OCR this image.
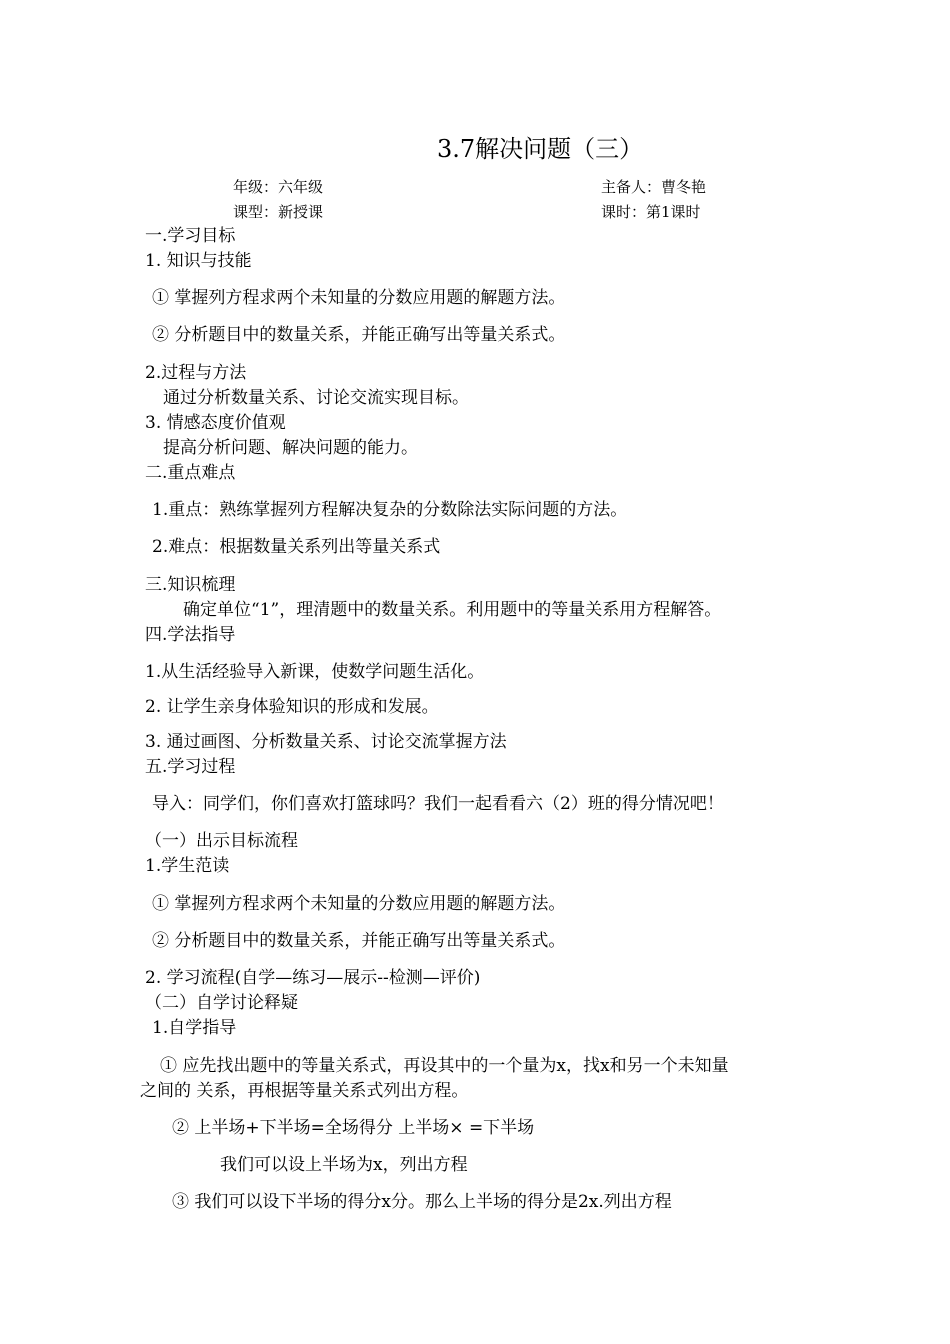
3.7解决问题（三）
年级：六年级	主备人：曹冬艳
课型：新授课	课时：第1课时
一.学习目标
1. 知识与技能
① 掌握列方程求两个未知量的分数应用题的解题方法。
② 分析题目中的数量关系，并能正确写出等量关系式。
2.过程与方法
通过分析数量关系、讨论交流实现目标。
3. 情感态度价值观
提高分析问题、解决问题的能力。
二.重点难点
1.重点：熟练掌握列方程解决复杂的分数除法实际问题的方法。
2.难点：根据数量关系列出等量关系式
三.知识梳理
确定单位“1”，理清题中的数量关系。利用题中的等量关系用方程解答。
四.学法指导
1.从生活经验导入新课，使数学问题生活化。
2. 让学生亲身体验知识的形成和发展。
3. 通过画图、分析数量关系、讨论交流掌握方法
五.学习过程
导入：同学们，你们喜欢打篮球吗？我们一起看看六（2）班的得分情况吧！
（一）出示目标流程
1.学生范读
① 掌握列方程求两个未知量的分数应用题的解题方法。
② 分析题目中的数量关系，并能正确写出等量关系式。
2. 学习流程(自学—练习—展示--检测—评价)
（二）自学讨论释疑
1.自学指导
① 应先找出题中的等量关系式，再设其中的一个量为x，找x和另一个未知量
之间的 关系，再根据等量关系式列出方程。
② 上半场+下半场=全场得分 上半场× =下半场
我们可以设上半场为x，列出方程
③ 我们可以设下半场的得分x分。那么上半场的得分是2x.列出方程
